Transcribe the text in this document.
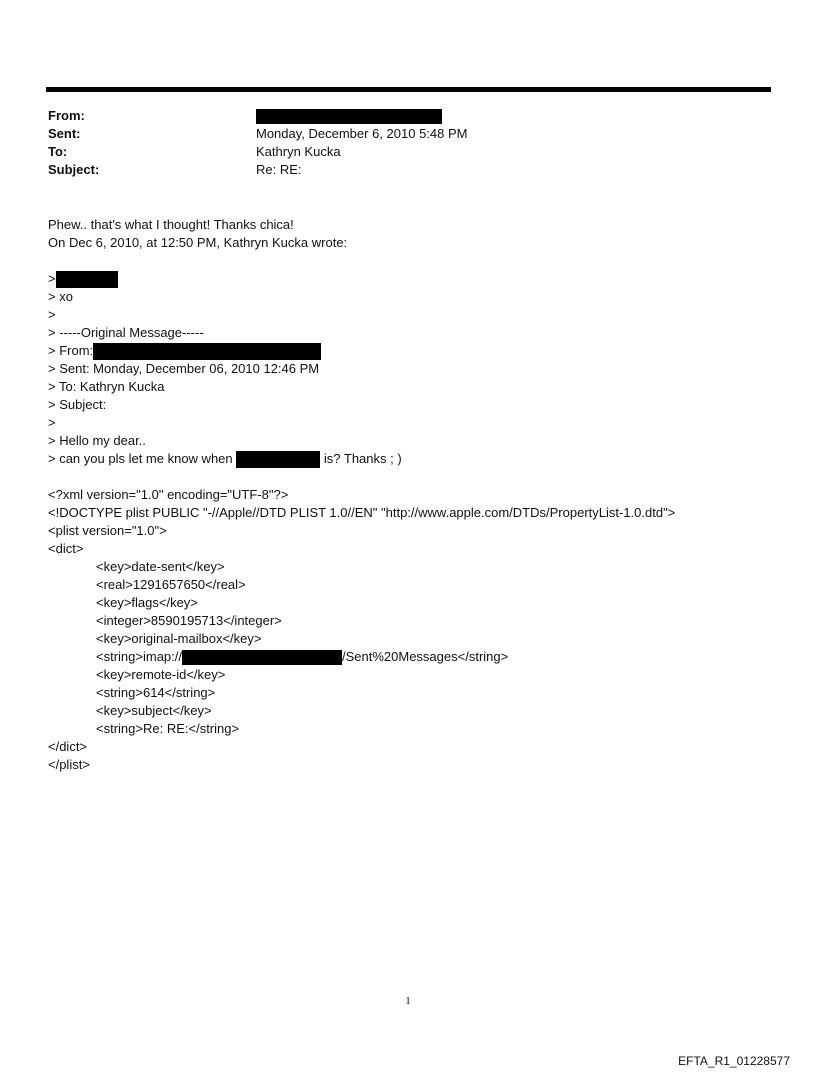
From:
Sent:	Monday, December 6, 2010 5:48 PM
To:	Kathryn Kucka
Subject:	Re: RE:
Phew.. that's what I thought! Thanks chica!
On Dec 6, 2010, at 12:50 PM, Kathryn Kucka wrote:
>
> xo
>
> -----Original Message-----
> From:
> Sent: Monday, December 06, 2010 12:46 PM
> To: Kathryn Kucka
> Subject:
>
> Hello my dear..
> can you pls let me know when	is? Thanks ; )
<?xml version="1.0" encoding="UTF-8"?>
<!DOCTYPE plist PUBLIC "-//Apple//DTD PLIST 1.0//EN" "http://www.apple.com/DTDs/PropertyList-1.0.dtd">
<plist version="1.0">
<dict>
<key>date-sent</key>
<real>1291657650</real>
<key>flags</key>
<integer>8590195713</integer>
<key>original-mailbox</key>
<string>imap://	/Sent%20Messages</string>
<key>remote-id</key>
<string>614</string>
<key>subject</key>
<string>Re: RE:</string>
</dict>
</plist>
1
EFTA_R1_01228577
